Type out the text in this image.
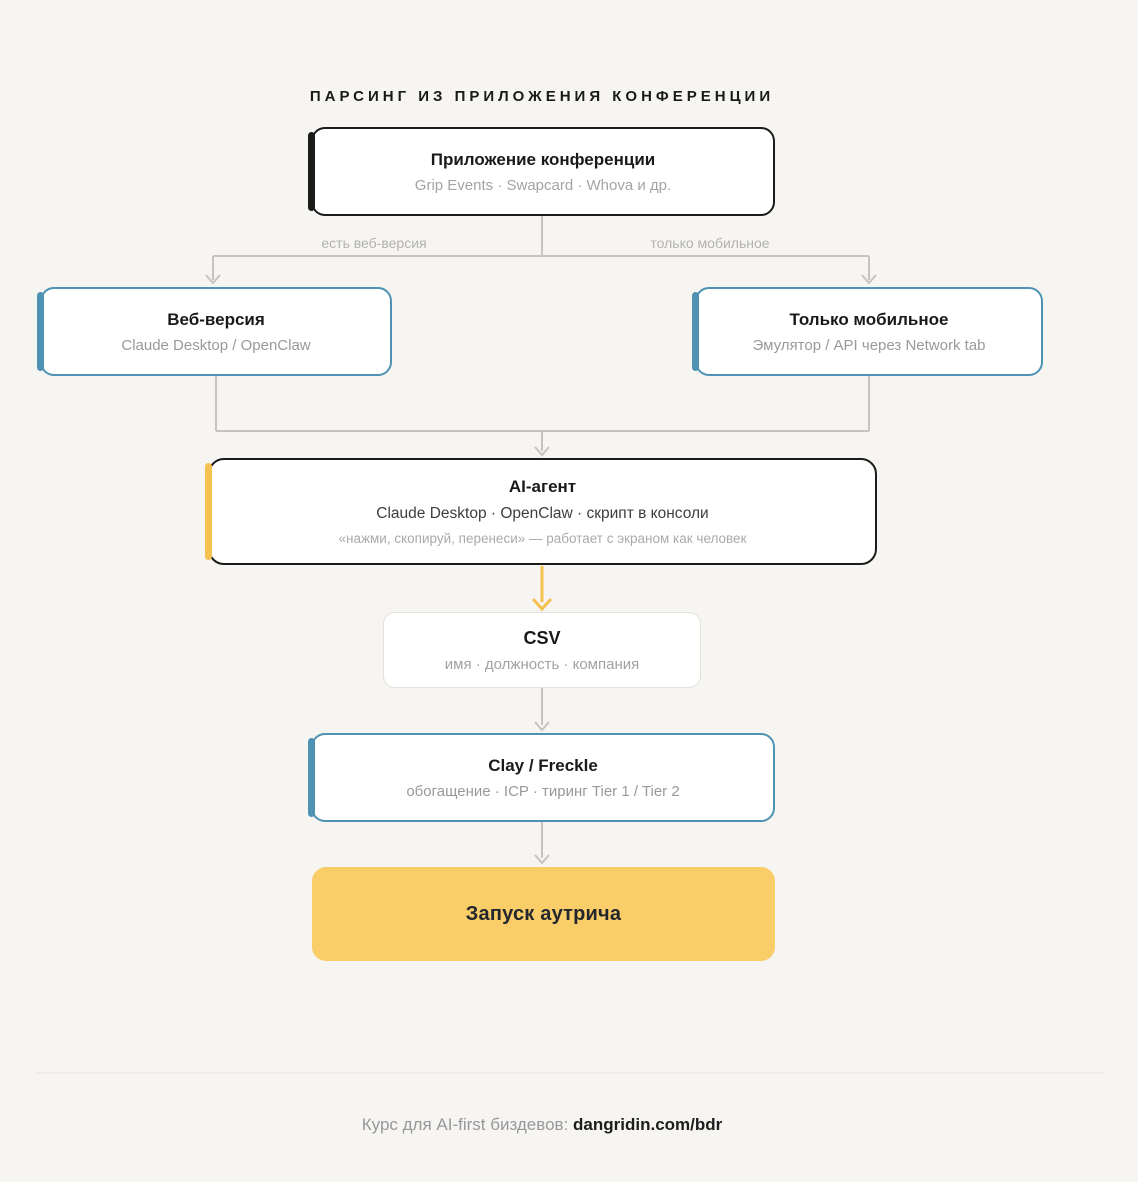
ПАРСИНГ ИЗ ПРИЛОЖЕНИЯ КОНФЕРЕНЦИИ
есть веб-версия	только мобильное
Приложение конференции
Grip Events · Swapcard · Whova и др.
Веб-версия
Claude Desktop / OpenClaw
Только мобильное
Эмулятор / API через Network tab
AI-агент
Claude Desktop · OpenClaw · скрипт в консоли
«нажми, скопируй, перенеси» — работает с экраном как человек
CSV
имя · должность · компания
Clay / Freckle
обогащение · ICP · тиринг Tier 1 / Tier 2
Запуск аутрича
Курс для AI-first биздевов: dangridin.com/bdr
